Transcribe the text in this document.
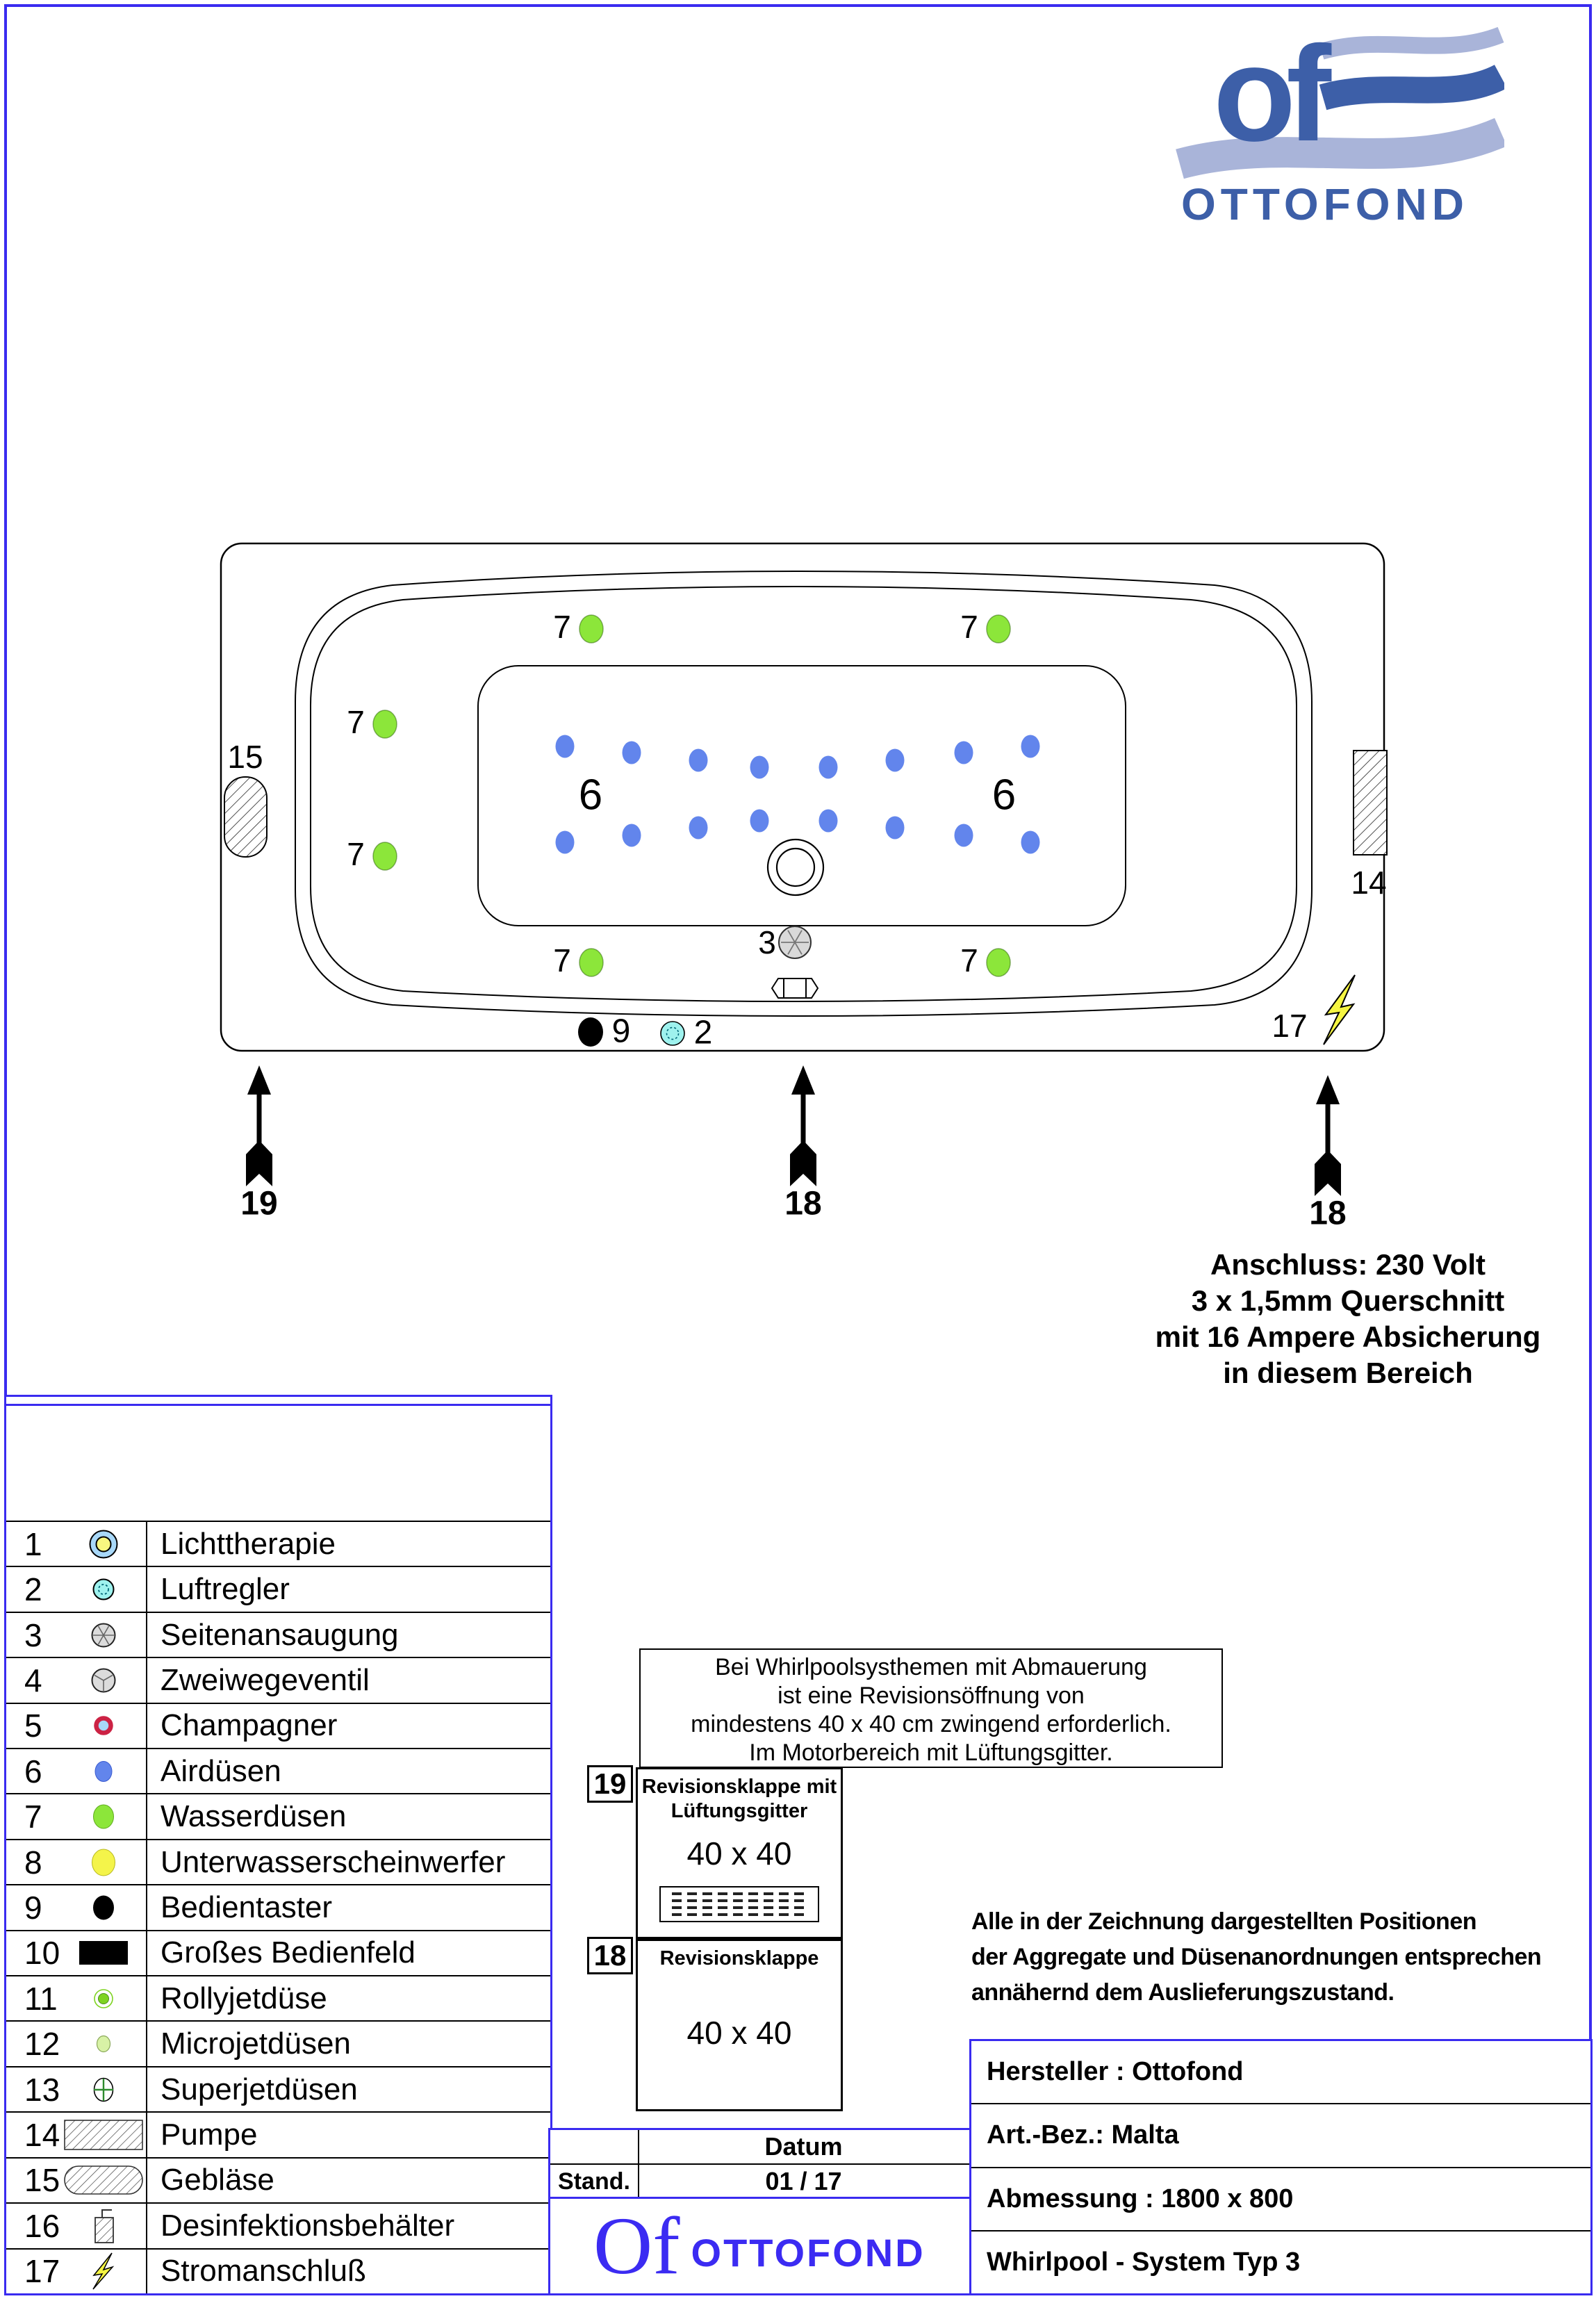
of
OTTOFOND
6	6
7	7
7
7
7	7
3
9 2
15
14
17
19	18	18
Anschluss: 230 Volt
3 x 1,5mm Querschnitt
mit 16 Ampere Absicherung
in diesem Bereich
1	Lichttherapie
2	Luftregler
3	Seitenansaugung
4	Zweiwegeventil
5	Champagner
6	Airdüsen
7	Wasserdüsen
8	Unterwasserscheinwerfer
9	Bedientaster
10	Großes Bedienfeld
11	Rollyjetdüse
12	Microjetdüsen
13	Superjetdüsen
14	Pumpe
15	Gebläse
16	Desinfektionsbehälter
17	Stromanschluß
Bei Whirlpoolsysthemen mit Abmauerung
ist eine Revisionsöffnung von
mindestens 40 x 40 cm zwingend erforderlich.
Im Motorbereich mit Lüftungsgitter.
19 Revisionsklappe mit
Lüftungsgitter
40 x 40
18	Revisionsklappe
40 x 40
Alle in der Zeichnung dargestellten Positionen
der Aggregate und Düsenanordnungen entsprechen
annähernd dem Auslieferungszustand.
Hersteller : Ottofond
Art.-Bez.: Malta
Abmessung : 1800 x 800
Whirlpool - System Typ 3
Datum
Stand.	01 / 17
Of OTTOFOND
